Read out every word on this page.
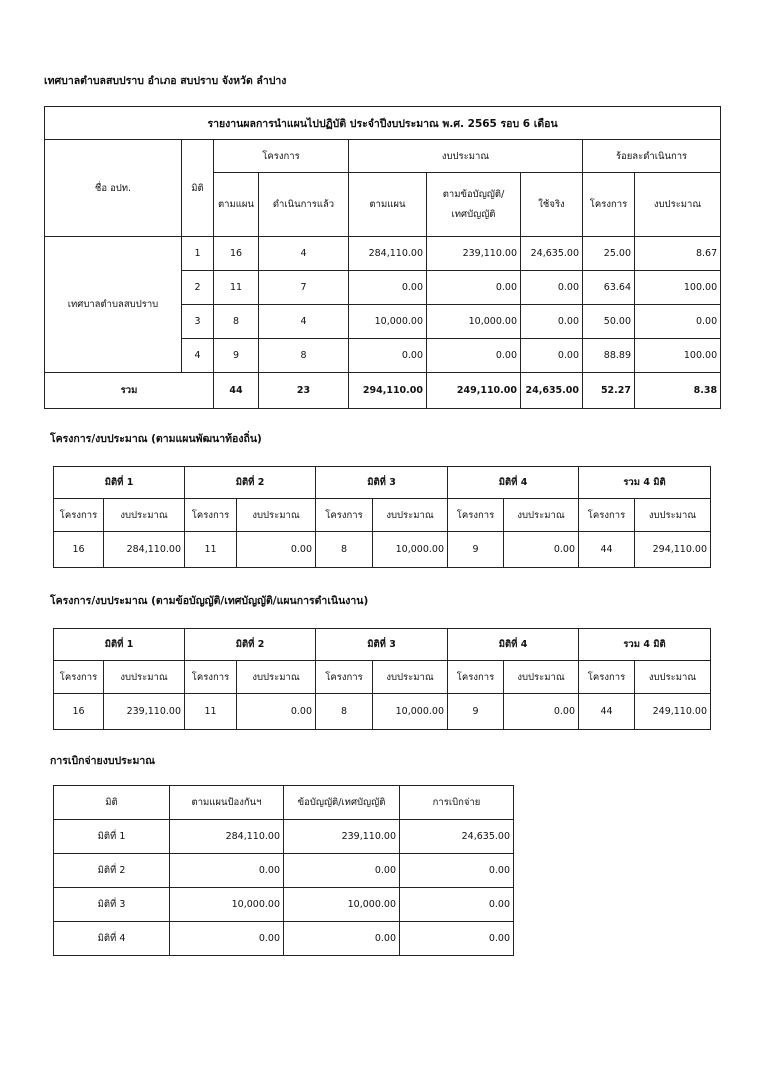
เทศบาลตำบลสบปราบ อำเภอ สบปราบ จังหวัด ลำปาง
รายงานผลการนำแผนไปปฏิบัติ ประจำปีงบประมาณ พ.ศ. 2565 รอบ 6 เดือน								
ชื่อ อปท.	มิติ	โครงการ		งบประมาณ			ร้อยละดำเนินการ	
		ตามแผน	ดำเนินการแล้ว	ตามแผน	ตามข้อบัญญัติ/ เทศบัญญัติ	ใช้จริง	โครงการ	งบประมาณ
เทศบาลตำบลสบปราบ	1	16	4	284,110.00	239,110.00	24,635.00	25.00	8.67
	2	11	7	0.00	0.00	0.00	63.64	100.00
	3	8	4	10,000.00	10,000.00	0.00	50.00	0.00
	4	9	8	0.00	0.00	0.00	88.89	100.00
รวม		44	23	294,110.00	249,110.00	24,635.00	52.27	8.38
โครงการ/งบประมาณ (ตามแผนพัฒนาท้องถิ่น)
มิติที่ 1		มิติที่ 2		มิติที่ 3		มิติที่ 4		รวม 4 มิติ	
โครงการ	งบประมาณ	โครงการ	งบประมาณ	โครงการ	งบประมาณ	โครงการ	งบประมาณ	โครงการ	งบประมาณ
16	284,110.00	11	0.00	8	10,000.00	9	0.00	44	294,110.00
โครงการ/งบประมาณ (ตามข้อบัญญัติ/เทศบัญญัติ/แผนการดำเนินงาน)
มิติที่ 1		มิติที่ 2		มิติที่ 3		มิติที่ 4		รวม 4 มิติ	
โครงการ	งบประมาณ	โครงการ	งบประมาณ	โครงการ	งบประมาณ	โครงการ	งบประมาณ	โครงการ	งบประมาณ
16	239,110.00	11	0.00	8	10,000.00	9	0.00	44	249,110.00
การเบิกจ่ายงบประมาณ
มิติ	ตามแผนป้องกันฯ	ข้อบัญญัติ/เทศบัญญัติ	การเบิกจ่าย
มิติที่ 1	284,110.00	239,110.00	24,635.00
มิติที่ 2	0.00	0.00	0.00
มิติที่ 3	10,000.00	10,000.00	0.00
มิติที่ 4	0.00	0.00	0.00
